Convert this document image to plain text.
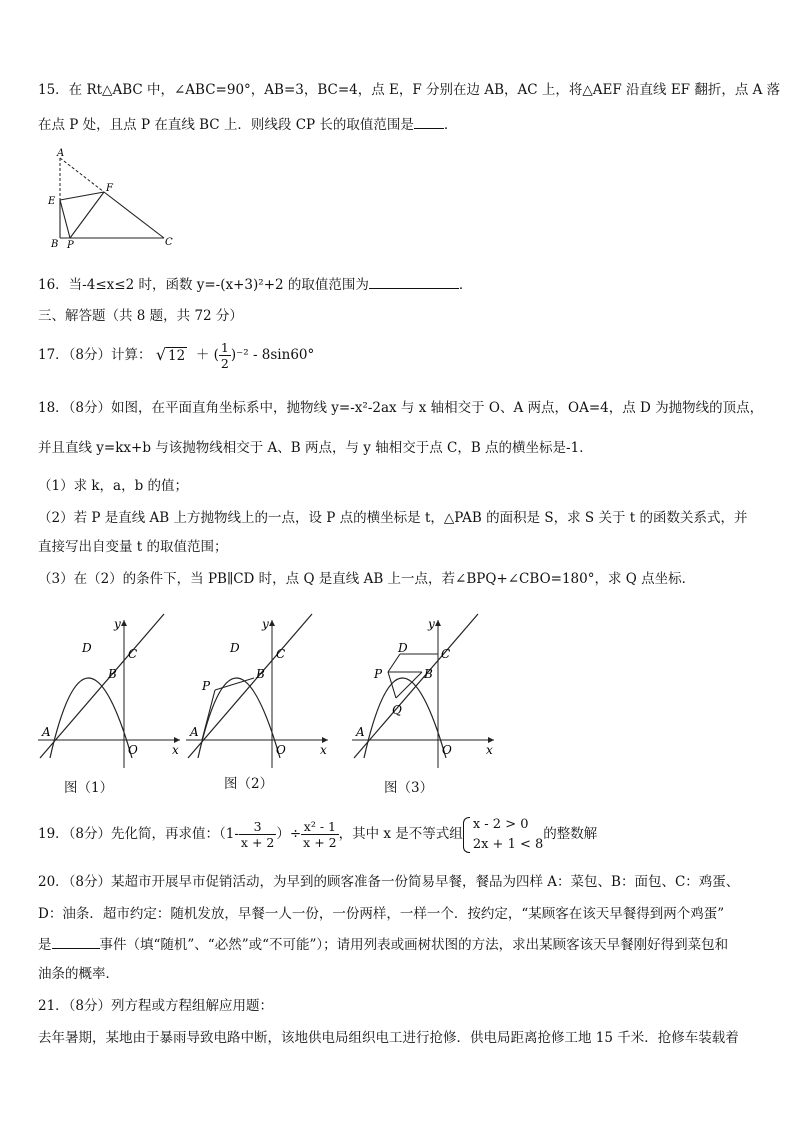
15．在 Rt△ABC 中，∠ABC=90°，AB=3，BC=4，点 E，F 分别在边 AB，AC 上，将△AEF 沿直线 EF 翻折，点 A 落
在点 P 处，且点 P 在直线 BC 上．则线段 CP 长的取值范围是 ．
A
E
F
B P	C
16．当-4≤x≤2 时，函数 y=-(x+3)²+2 的取值范围为	．
三、解答题（共 8 题，共 72 分）
17．（8分）计算： √ 12 ＋ ( $\frac{1}{2} )^{-2} - 8\sin 60^\circ$
18．（8分）如图，在平面直角坐标系中，抛物线 y=-x²-2ax 与 x 轴相交于 O、A 两点，OA=4，点 D 为抛物线的顶点，
并且直线 y=kx+b 与该抛物线相交于 A、B 两点，与 y 轴相交于点 C，B 点的横坐标是-1．
（1）求 k，a，b 的值；
（2）若 P 是直线 AB 上方抛物线上的一点，设 P 点的横坐标是 t，△PAB 的面积是 S，求 S 关于 t 的函数关系式，并
直接写出自变量 t 的取值范围；
（3）在（2）的条件下，当 PB∥CD 时，点 Q 是直线 AB 上一点，若∠BPQ+∠CBO=180°，求 Q 点坐标．
A
D
B
C
O	x
y
图（1）
A
D
B
C
P
O	x
y
图（2）
A
D
B
C
P
Q
O	x
y
图（3）
19．（8分）先化简，再求值：（$1- \frac{3}{x + 2}$ ）÷ $\frac{\text{x² - 1}}{x + 2}$ ，其中 x 是不等式组
x - 2 > 0
2x + 1 < 8
的整数解
20．（8分）某超市开展早市促销活动，为早到的顾客准备一份简易早餐，餐品为四样 A：菜包、B：面包、C：鸡蛋、
D：油条．超市约定：随机发放，早餐一人一份，一份两样，一样一个．按约定，“某顾客在该天早餐得到两个鸡蛋”
是	事件（填“随机”、“必然”或“不可能”）；请用列表或画树状图的方法，求出某顾客该天早餐刚好得到菜包和
油条的概率．
21．（8分）列方程或方程组解应用题：
去年暑期，某地由于暴雨导致电路中断，该地供电局组织电工进行抢修．供电局距离抢修工地 15 千米．抢修车装载着
